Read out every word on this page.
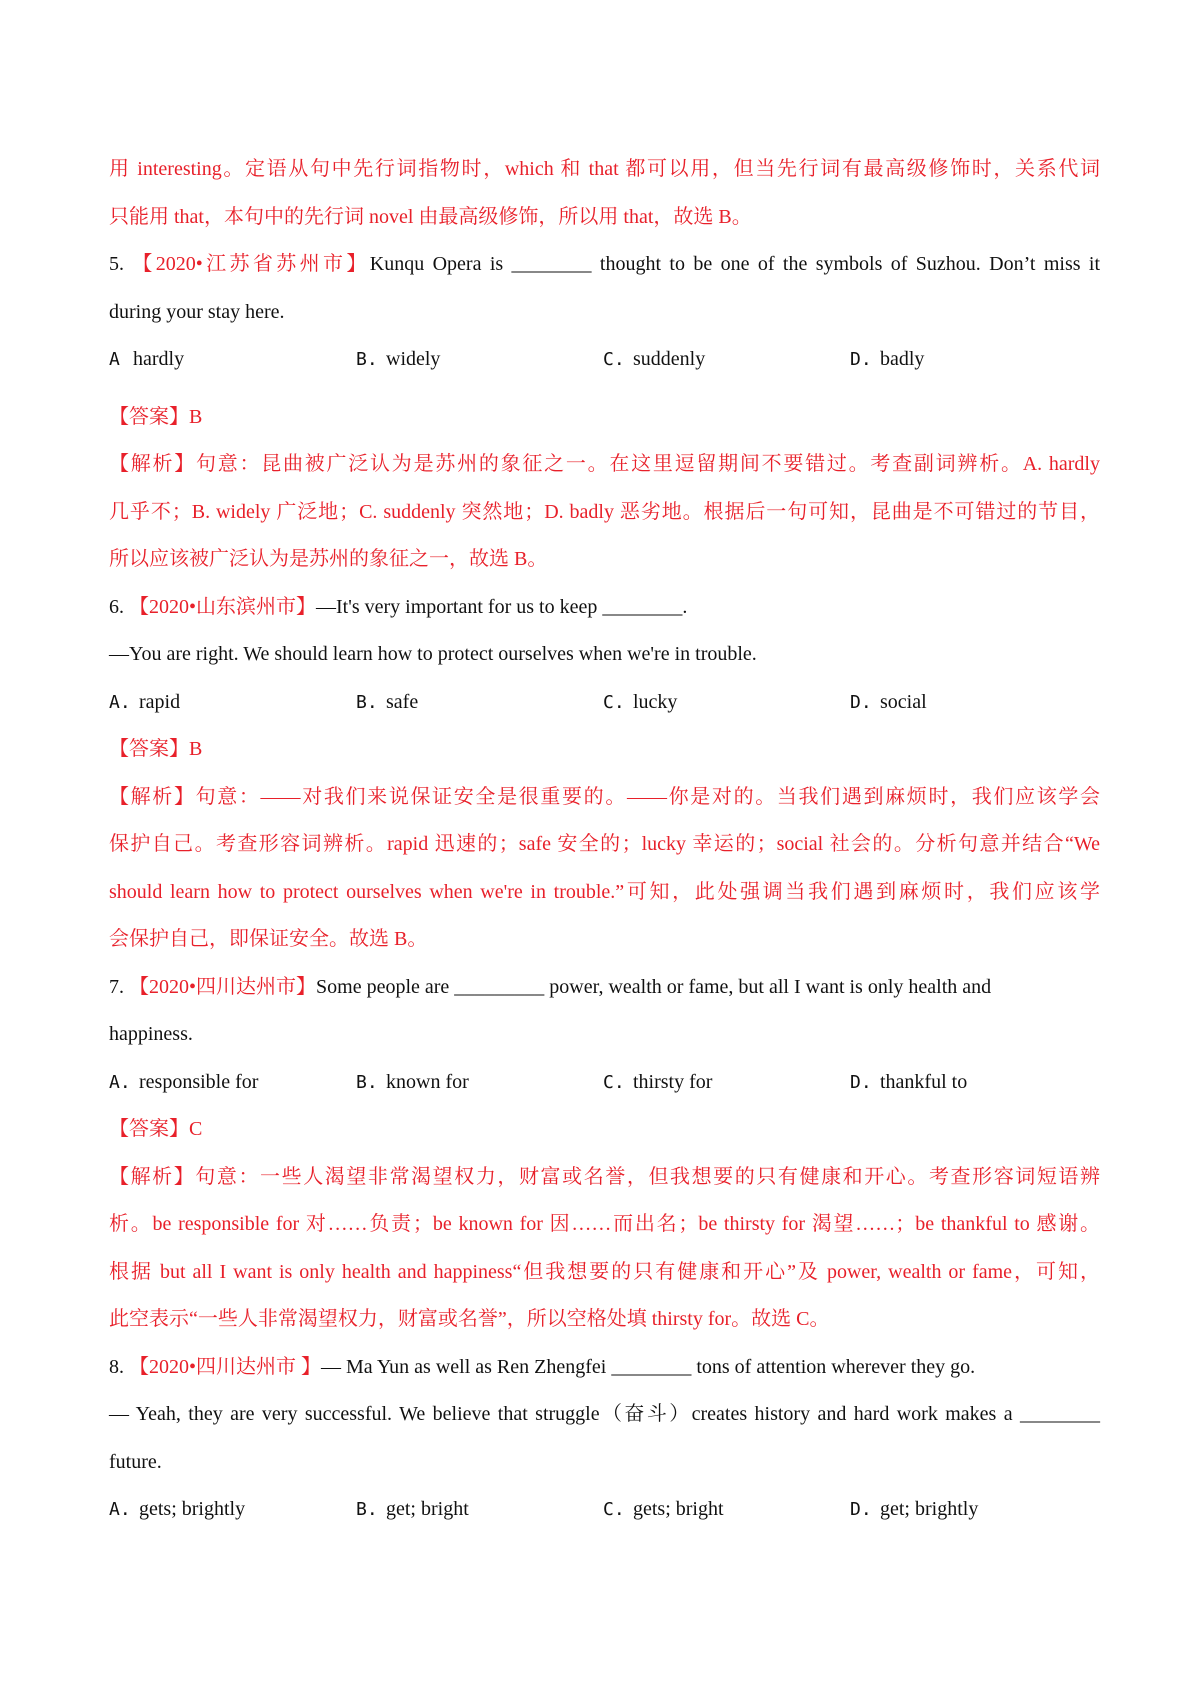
用 interesting。定语从句中先行词指物时，which 和 that 都可以用，但当先行词有最高级修饰时，关系代词
只能用 that，本句中的先行词 novel 由最高级修饰，所以用 that，故选 B。
5. 【2020•江苏省苏州市】Kunqu Opera is ________ thought to be one of the symbols of Suzhou. Don’t miss it
during your stay here.
A hardly	B. widely	C. suddenly	D. badly
【答案】B
【解析】句意：昆曲被广泛认为是苏州的象征之一。在这里逗留期间不要错过。考查副词辨析。A. hardly
几乎不；B. widely 广泛地；C. suddenly 突然地；D. badly 恶劣地。根据后一句可知，昆曲是不可错过的节目，
所以应该被广泛认为是苏州的象征之一，故选 B。
6. 【2020•山东滨州市】—It's very important for us to keep ________.
—You are right. We should learn how to protect ourselves when we're in trouble.
A. rapid	B. safe	C. lucky	D. social
【答案】B
【解析】句意：——对我们来说保证安全是很重要的。——你是对的。当我们遇到麻烦时，我们应该学会
保护自己。考查形容词辨析。rapid 迅速的；safe 安全的；lucky 幸运的；social 社会的。分析句意并结合“We
should learn how to protect ourselves when we're in trouble.”可知，此处强调当我们遇到麻烦时，我们应该学
会保护自己，即保证安全。故选 B。
7. 【2020•四川达州市】Some people are _________ power, wealth or fame, but all I want is only health and
happiness.
A. responsible for	B. known for	C. thirsty for	D. thankful to
【答案】C
【解析】句意：一些人渴望非常渴望权力，财富或名誉，但我想要的只有健康和开心。考查形容词短语辨
析。be responsible for 对……负责；be known for 因……而出名；be thirsty for 渴望……；be thankful to 感谢。
根据 but all I want is only health and happiness“但我想要的只有健康和开心”及 power, wealth or fame，可知，
此空表示“一些人非常渴望权力，财富或名誉”，所以空格处填 thirsty for。故选 C。
8. 【2020•四川达州市 】— Ma Yun as well as Ren Zhengfei ________ tons of attention wherever they go.
— Yeah, they are very successful. We believe that struggle（奋斗）creates history and hard work makes a ________
future.
A. gets; brightly	B. get; bright	C. gets; bright	D. get; brightly
